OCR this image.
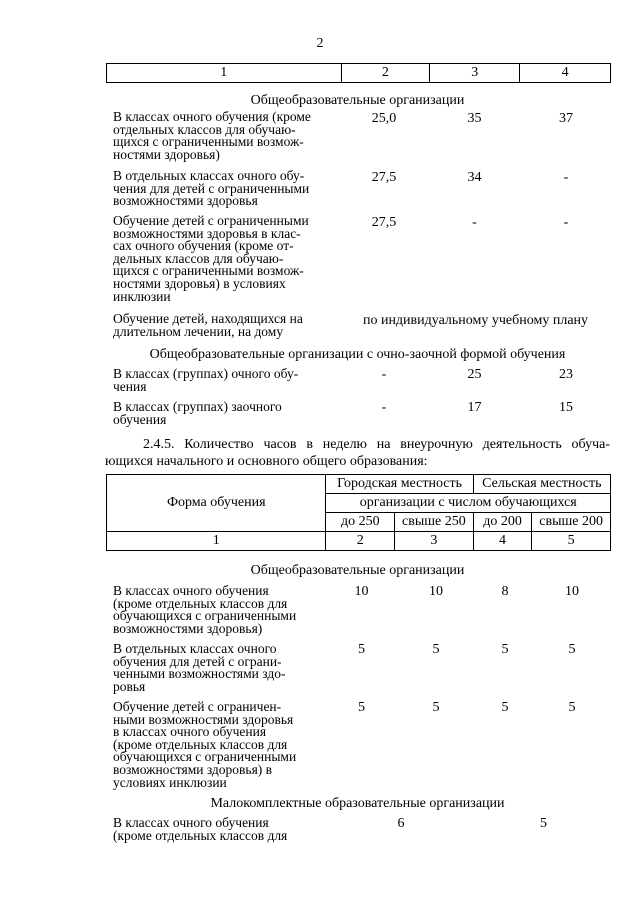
2
1	2	3	4
Общеобразовательные организации
В классах очного обучения (кроме
отдельных классов для обучаю-
щихся с ограниченными возмож-
ностями здоровья)
25,0	35	37
В отдельных классах очного обу-
чения для детей с ограниченными
возможностями здоровья
27,5	34	-
Обучение детей с ограниченными
возможностями здоровья в клас-
сах очного обучения (кроме от-
дельных классов для обучаю-
щихся с ограниченными возмож-
ностями здоровья) в условиях
инклюзии
27,5	-	-
Обучение детей, находящихся на
длительном лечении, на дому
по индивидуальному учебному плану
Общеобразовательные организации с очно-заочной формой обучения
В классах (группах) очного обу-
чения
-	25	23
В классах (группах) заочного
обучения
-	17	15
2.4.5. Количество часов в неделю на внеурочную деятельность обуча-
ющихся начального и основного общего образования:
Форма обучения	Городская местность		Сельская местность	
	организации с числом обучающихся			
	до 250	свыше 250	до 200	свыше 200
1	2	3	4	5
Общеобразовательные организации
В классах очного обучения
(кроме отдельных классов для
обучающихся с ограниченными
возможностями здоровья)
10	10	8	10
В отдельных классах очного
обучения для детей с ограни-
ченными возможностями здо-
ровья
5	5	5	5
Обучение детей с ограничен-
ными возможностями здоровья
в классах очного обучения
(кроме отдельных классов для
обучающихся с ограниченными
возможностями здоровья) в
условиях инклюзии
5	5	5	5
Малокомплектные образовательные организации
В классах очного обучения
(кроме отдельных классов для
6	5
